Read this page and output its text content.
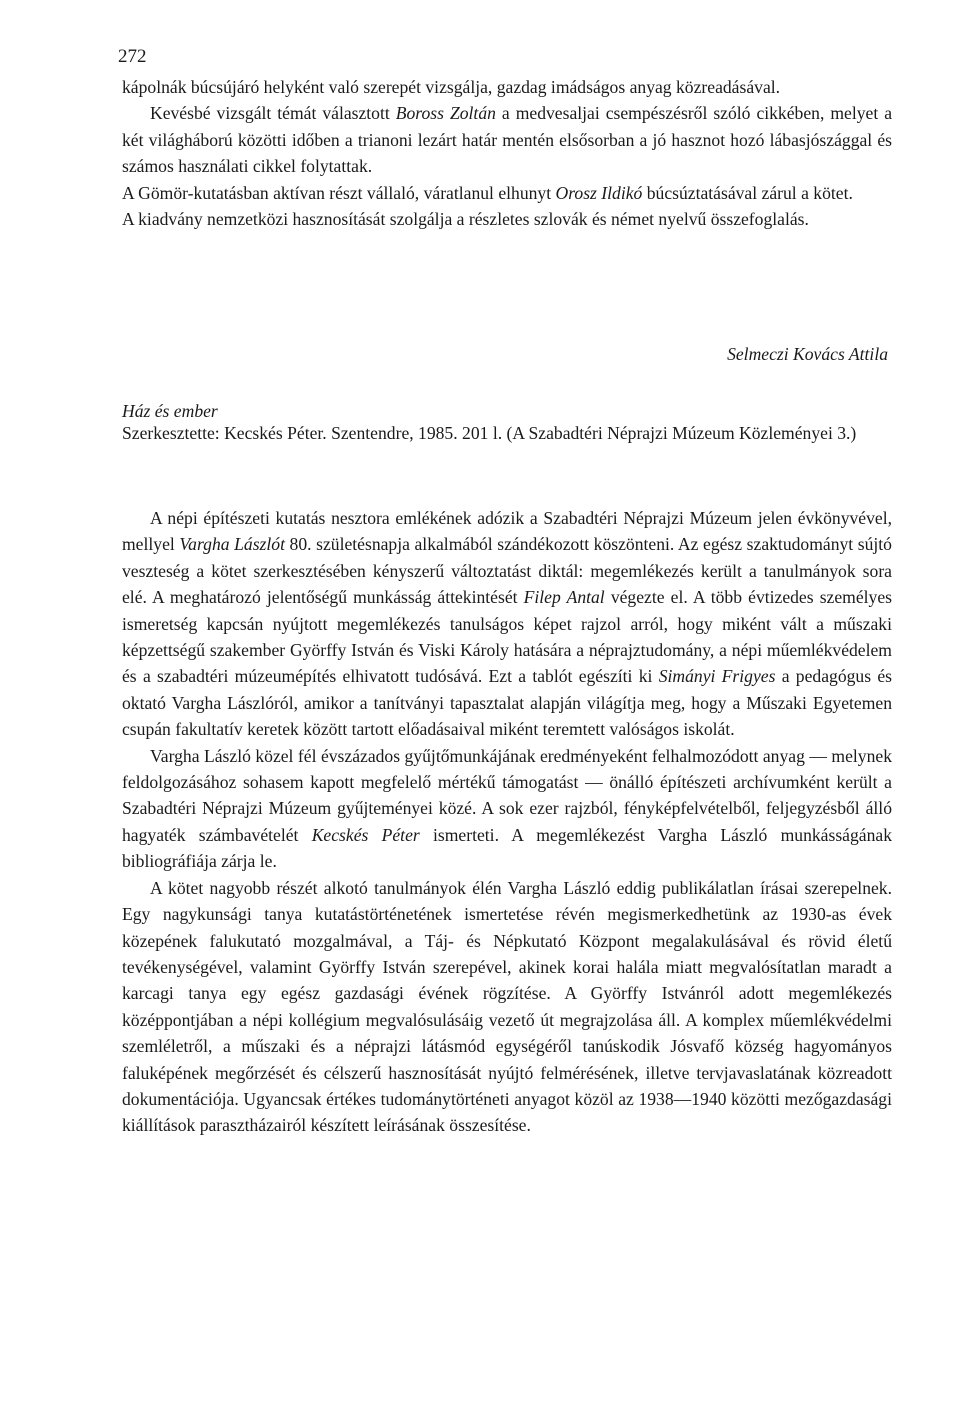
272

kápolnák búcsújáró helyként való szerepét vizsgálja, gazdag imádságos anyag közreadásával.

Kevésbé vizsgált témát választott Boross Zoltán a medvesaljai csempészésről szóló cikkében, melyet a két világháború közötti időben a trianoni lezárt határ mentén elsősorban a jó hasznot hozó lábasjószággal és számos használati cikkel folytattak.

A Gömör-kutatásban aktívan részt vállaló, váratlanul elhunyt Orosz Ildikó búcsúztatásával zárul a kötet.

A kiadvány nemzetközi hasznosítását szolgálja a részletes szlovák és német nyelvű összefoglalás.

Selmeczi Kovács Attila
Ház és ember
Szerkesztette: Kecskés Péter. Szentendre, 1985. 201 l. (A Szabadtéri Néprajzi Múzeum Közleményei 3.)

A népi építészeti kutatás nesztora emlékének adózik a Szabadtéri Néprajzi Múzeum jelen évkönyvével, mellyel Vargha Lászlót 80. születésnapja alkalmából szándékozott köszönteni. Az egész szaktudományt sújtó veszteség a kötet szerkesztésében kényszerű változtatást diktál: megemlékezés került a tanulmányok sora elé. A meghatározó jelentőségű munkásság áttekintését Filep Antal végezte el. A több évtizedes személyes ismeretség kapcsán nyújtott megemlékezés tanulságos képet rajzol arról, hogy miként vált a műszaki képzettségű szakember Györffy István és Viski Károly hatására a néprajztudomány, a népi műemlékvédelem és a szabadtéri múzeumépítés elhivatott tudósává. Ezt a tablót egészíti ki Simányi Frigyes a pedagógus és oktató Vargha Lászlóról, amikor a tanítványi tapasztalat alapján világítja meg, hogy a Műszaki Egyetemen csupán fakultatív keretek között tartott előadásaival miként teremtett valóságos iskolát.

Vargha László közel fél évszázados gyűjtőmunkájának eredményeként felhalmozódott anyag — melynek feldolgozásához sohasem kapott megfelelő mértékű támogatást — önálló építészeti archívumként került a Szabadtéri Néprajzi Múzeum gyűjteményei közé. A sok ezer rajzból, fényképfelvételből, feljegyzésből álló hagyaték számbavételét Kecskés Péter ismerteti. A megemlékezést Vargha László munkásságának bibliográfiája zárja le.

A kötet nagyobb részét alkotó tanulmányok élén Vargha László eddig publikálatlan írásai szerepelnek. Egy nagykunsági tanya kutatástörténetének ismertetése révén megismerkedhetünk az 1930-as évek közepének falukutató mozgalmával, a Táj- és Népkutató Központ megalakulásával és rövid életű tevékenységével, valamint Györffy István szerepével, akinek korai halála miatt megvalósítatlan maradt a karcagi tanya egy egész gazdasági évének rögzítése. A Györffy Istvánról adott megemlékezés középpontjában a népi kollégium megvalósulásáig vezető út megrajzolása áll. A komplex műemlékvédelmi szemléletről, a műszaki és a néprajzi látásmód egységéről tanúskodik Jósvafő község hagyományos faluképének megőrzését és célszerű hasznosítását nyújtó felmérésének, illetve tervjavaslatának közreadott dokumentációja. Ugyancsak értékes tudománytörténeti anyagot közöl az 1938—1940 közötti mezőgazdasági kiállítások parasztházairól készített leírásának összesítése.
